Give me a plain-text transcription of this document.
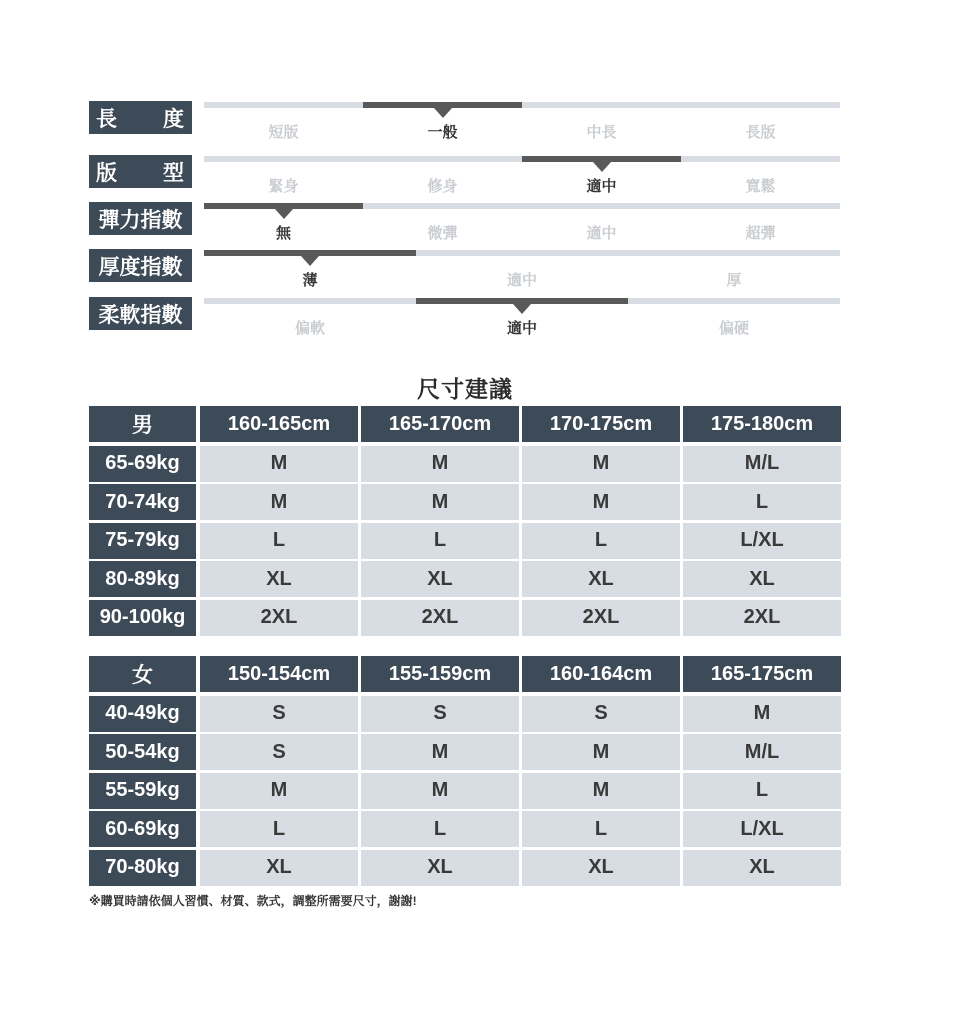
長 度
短版	一般	中長	長版
版 型
緊身	修身	適中	寬鬆
彈力指數
無	微彈	適中	超彈
厚度指數
薄	適中	厚
柔軟指數
偏軟	適中	偏硬
尺寸建議
男	160-165cm	165-170cm	170-175cm	175-180cm
65-69kg	M	M	M	M/L
70-74kg	M	M	M	L
75-79kg	L	L	L	L/XL
80-89kg	XL	XL	XL	XL
90-100kg	2XL	2XL	2XL	2XL
女	150-154cm	155-159cm	160-164cm	165-175cm
40-49kg	S	S	S	M
50-54kg	S	M	M	M/L
55-59kg	M	M	M	L
60-69kg	L	L	L	L/XL
70-80kg	XL	XL	XL	XL
※購買時請依個人習慣、材質、款式，調整所需要尺寸，謝謝!
